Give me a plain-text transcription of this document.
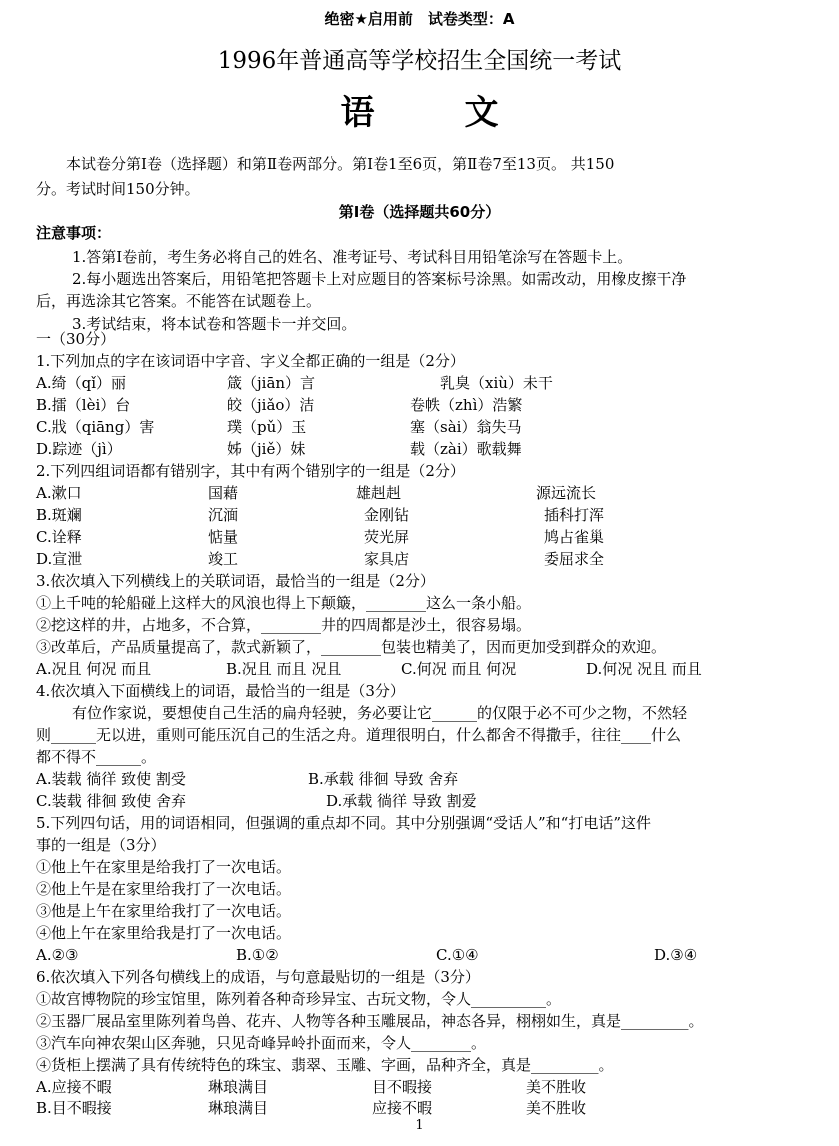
绝密★启用前　试卷类型：A
1996年普通高等学校招生全国统一考试
语文
本试卷分第Ⅰ卷（选择题）和第Ⅱ卷两部分。第Ⅰ卷1至6页，第Ⅱ卷7至13页。 共150
分。考试时间150分钟。
第Ⅰ卷（选择题共60分）
注意事项：
1.答第Ⅰ卷前，考生务必将自己的姓名、准考证号、考试科目用铅笔涂写在答题卡上。
2.每小题选出答案后，用铅笔把答题卡上对应题目的答案标号涂黑。如需改动，用橡皮擦干净
后，再选涂其它答案。不能答在试题卷上。
3.考试结束，将本试卷和答题卡一并交回。
一（30分）
1.下列加点的字在该词语中字音、字义全都正确的一组是（2分）
A.绮（qǐ）丽	箴（jiān）言	乳臭（xiù）未干
B.擂（lèi）台	皎（jiǎo）洁	卷帙（zhì）浩繁
C.戕（qiāng）害	璞（pǔ）玉	塞（sài）翁失马
D.踪迹（jì）	姊（jiě）妹	载（zài）歌载舞
2.下列四组词语都有错别字，其中有两个错别字的一组是（2分）
A.漱口	国藉	雄赳赳	源远流长
B.斑斓	沉湎	金刚钻	插科打浑
C.诠释	惦量	荧光屏	鸠占雀巢
D.宣泄	竣工	家具店	委屈求全
3.依次填入下列横线上的关联词语，最恰当的一组是（2分）
①上千吨的轮船碰上这样大的风浪也得上下颠簸，________这么一条小船。
②挖这样的井，占地多，不合算，________井的四周都是沙土，很容易塌。
③改革后，产品质量提高了，款式新颖了，________包装也精美了，因而更加受到群众的欢迎。
A.况且 何况 而且	B.况且 而且 况且	C.何况 而且 何况	D.何况 况且 而且
4.依次填入下面横线上的词语，最恰当的一组是（3分）
有位作家说，要想使自己生活的扁舟轻驶，务必要让它______的仅限于必不可少之物，不然轻
则______无以进，重则可能压沉自己的生活之舟。道理很明白，什么都舍不得撒手，往往____什么
都不得不______。
A.装载 徜徉 致使 割受	B.承载 徘徊 导致 舍弃
C.装载 徘徊 致使 舍弃	D.承载 徜徉 导致 割爱
5.下列四句话，用的词语相同，但强调的重点却不同。其中分别强调“受话人”和“打电话”这件
事的一组是（3分）
①他上午在家里是给我打了一次电话。
②他上午是在家里给我打了一次电话。
③他是上午在家里给我打了一次电话。
④他上午在家里给我是打了一次电话。
A.②③	B.①②	C.①④	D.③④
6.依次填入下列各句横线上的成语，与句意最贴切的一组是（3分）
①故宫博物院的珍宝馆里，陈列着各种奇珍异宝、古玩文物，令人__________。
②玉器厂展品室里陈列着鸟兽、花卉、人物等各种玉雕展品，神态各异，栩栩如生，真是_________。
③汽车向神农架山区奔驰，只见奇峰异岭扑面而来，令人________。
④货柜上摆满了具有传统特色的珠宝、翡翠、玉雕、字画，品种齐全，真是_________。
1
A.应接不暇	琳琅满目	目不暇接	美不胜收
B.目不暇接	琳琅满目	应接不暇	美不胜收
